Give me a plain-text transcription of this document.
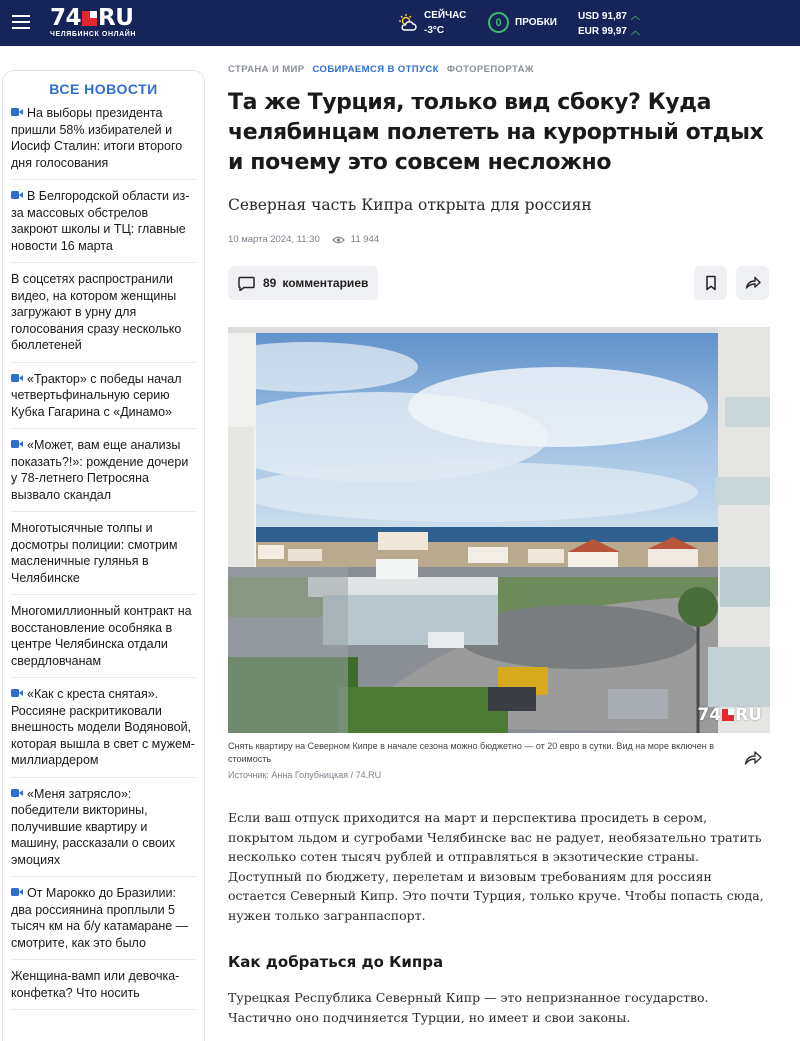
74 RU
ЧЕЛЯБИНСК ОНЛАЙН
СЕЙЧАС
-3°С
0	ПРОБКИ
USD 91,87 ︿
EUR 99,97 ︿
ВСЕ НОВОСТИ
На выборы президента пришли 58% избирателей и Иосиф Сталин: итоги второго дня голосования
В Белгородской области из-за массовых обстрелов закроют школы и ТЦ: главные новости 16 марта
В соцсетях распространили видео, на котором женщины загружают в урну для голосования сразу несколько бюллетеней
«Трактор» с победы начал четвертьфинальную серию Кубка Гагарина с «Динамо»
«Может, вам еще анализы показать?!»: рождение дочери у 78-летнего Петросяна вызвало скандал
Многотысячные толпы и досмотры полиции: смотрим масленичные гулянья в Челябинске
Многомиллионный контракт на восстановление особняка в центре Челябинска отдали свердловчанам
«Как с креста снятая». Россияне раскритиковали внешность модели Водяновой, которая вышла в свет с мужем-миллиардером
«Меня затрясло»: победители викторины, получившие квартиру и машину, рассказали о своих эмоциях
От Марокко до Бразилии: два россиянина проплыли 5 тысяч км на б/у катамаране — смотрите, как это было
Женщина-вамп или девочка-конфетка? Что носить
СТРАНА И МИР СОБИРАЕМСЯ В ОТПУСК ФОТОРЕПОРТАЖ
Та же Турция, только вид сбоку? Куда челябинцам полететь на курортный отдых и почему это совсем несложно
Северная часть Кипра открыта для россиян
10 марта 2024, 11:30	11 944
89 комментариев
74 RU
Снять квартиру на Северном Кипре в начале сезона можно бюджетно — от 20 евро в сутки. Вид на море включен в стоимость
Источник: Анна Голубницкая / 74.RU

Если ваш отпуск приходится на март и перспектива просидеть в сером, покрытом льдом и сугробами Челябинске вас не радует, необязательно тратить несколько сотен тысяч рублей и отправляться в экзотические страны. Доступный по бюджету, перелетам и визовым требованиям для россиян остается Северный Кипр. Это почти Турция, только круче. Чтобы попасть сюда, нужен только загранпаспорт.

Как добраться до Кипра

Турецкая Республика Северный Кипр — это непризнанное государство. Частично оно подчиняется Турции, но имеет и свои законы.
